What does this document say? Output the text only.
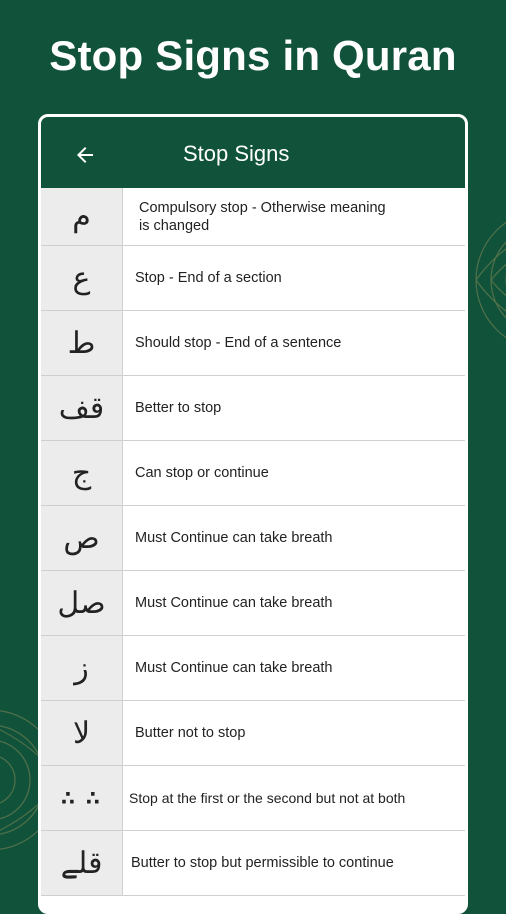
Stop Signs in Quran
Stop Signs
م	Compulsory stop - Otherwise meaning
is changed
ع	Stop - End of a section
ط	Should stop - End of a sentence
قف	Better to stop
ج	Can stop or continue
ص	Must Continue can take breath
صل	Must Continue can take breath
ز	Must Continue can take breath
لا	Butter not to stop
∴ ∴	Stop at the first or the second but not at both
قلے	Butter to stop but permissible to continue
